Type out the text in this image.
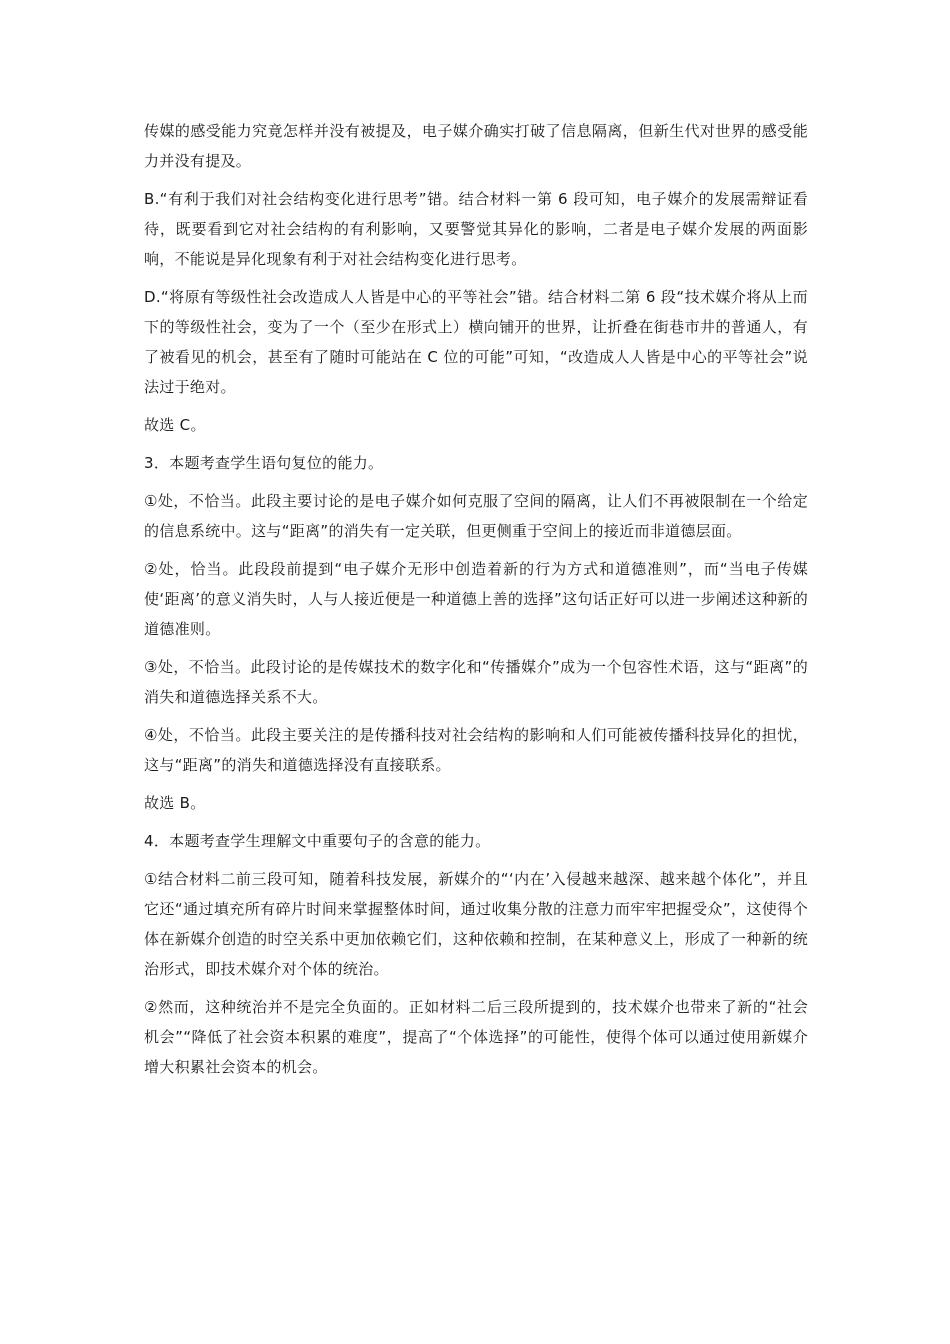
传媒的感受能力究竟怎样并没有被提及，电子媒介确实打破了信息隔离，但新生代对世界的感受能力并没有提及。

B.“有利于我们对社会结构变化进行思考”错。结合材料一第 6 段可知，电子媒介的发展需辩证看待，既要看到它对社会结构的有利影响，又要警觉其异化的影响，二者是电子媒介发展的两面影响，不能说是异化现象有利于对社会结构变化进行思考。

D.“将原有等级性社会改造成人人皆是中心的平等社会”错。结合材料二第 6 段“技术媒介将从上而下的等级性社会，变为了一个（至少在形式上）横向铺开的世界，让折叠在街巷市井的普通人，有了被看见的机会，甚至有了随时可能站在 C 位的可能”可知，“改造成人人皆是中心的平等社会”说法过于绝对。

故选 C。

3．本题考查学生语句复位的能力。

①处，不恰当。此段主要讨论的是电子媒介如何克服了空间的隔离，让人们不再被限制在一个给定的信息系统中。这与“距离”的消失有一定关联，但更侧重于空间上的接近而非道德层面。

②处，恰当。此段段前提到“电子媒介无形中创造着新的行为方式和道德准则”，而“当电子传媒使‘距离’的意义消失时，人与人接近便是一种道德上善的选择”这句话正好可以进一步阐述这种新的道德准则。

③处，不恰当。此段讨论的是传媒技术的数字化和“传播媒介”成为一个包容性术语，这与“距离”的消失和道德选择关系不大。

④处，不恰当。此段主要关注的是传播科技对社会结构的影响和人们可能被传播科技异化的担忧，这与“距离”的消失和道德选择没有直接联系。

故选 B。

4．本题考查学生理解文中重要句子的含意的能力。

①结合材料二前三段可知，随着科技发展，新媒介的“‘内在’入侵越来越深、越来越个体化”，并且它还“通过填充所有碎片时间来掌握整体时间，通过收集分散的注意力而牢牢把握受众”，这使得个体在新媒介创造的时空关系中更加依赖它们，这种依赖和控制，在某种意义上，形成了一种新的统治形式，即技术媒介对个体的统治。

②然而，这种统治并不是完全负面的。正如材料二后三段所提到的，技术媒介也带来了新的“社会机会”“降低了社会资本积累的难度”，提高了“个体选择”的可能性，使得个体可以通过使用新媒介增大积累社会资本的机会。
